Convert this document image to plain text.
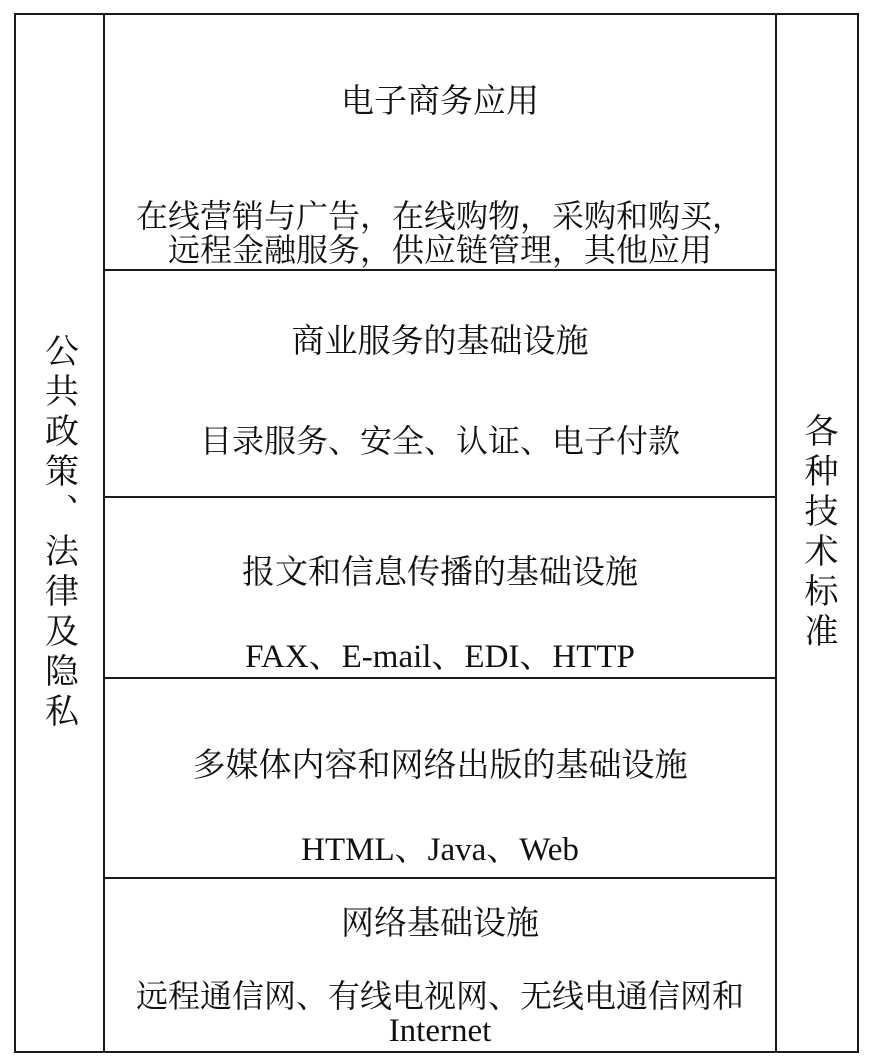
公共政策、法律及隐私	各种技术标准
电子商务应用
在线营销与广告，在线购物，采购和购买，
远程金融服务，供应链管理，其他应用
商业服务的基础设施
目录服务、安全、认证、电子付款
报文和信息传播的基础设施
FAX、E-mail、EDI、HTTP
多媒体内容和网络出版的基础设施
HTML、Java、Web
网络基础设施
远程通信网、有线电视网、无线电通信网和
Internet
